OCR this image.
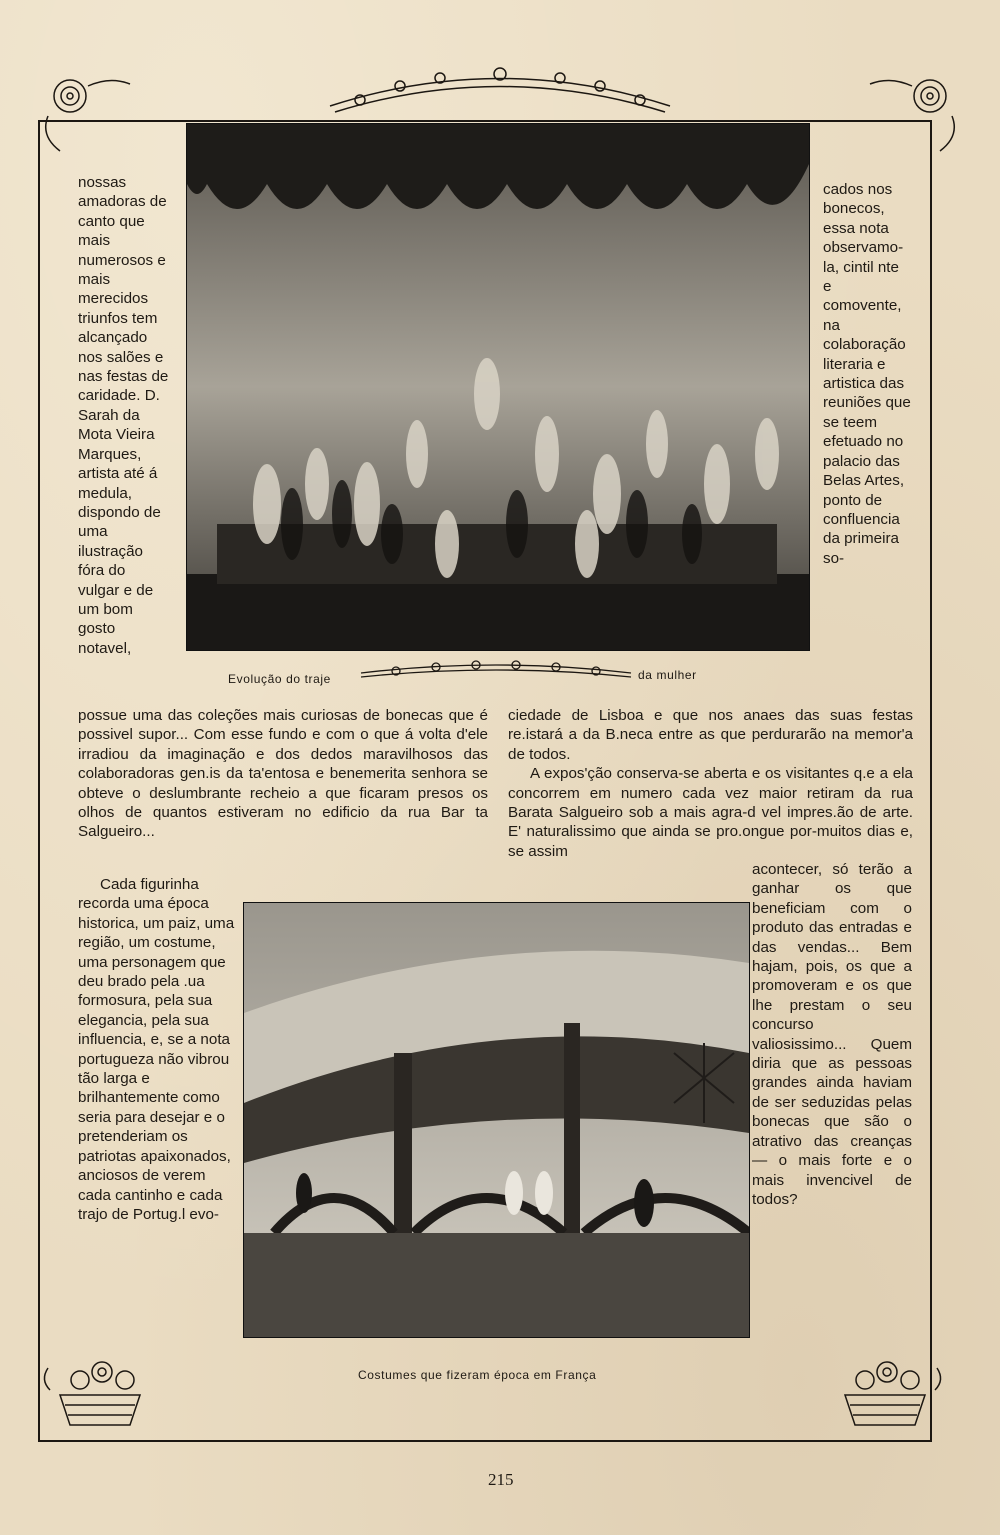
Evolução do traje	da mulher

nossas amadoras de canto que mais numerosos e mais merecidos triunfos tem alcançado nos salões e nas festas de caridade. D. Sarah da Mota Vieira Marques, artista até á medula, dispondo de uma ilustração fóra do vulgar e de um bom gosto notavel,

cados nos bonecos, essa nota observamo-la, cintil nte e comovente, na colaboração literaria e artistica das reuniões que se teem efetuado no palacio das Belas Artes, ponto de confluencia da primeira so-

possue uma das coleções mais curiosas de bonecas que é possivel supor... Com esse fundo e com o que á volta d'ele irradiou da imaginação e dos dedos maravilhosos das colaboradoras gen.is da ta'entosa e benemerita senhora se obteve o deslumbrante recheio a que ficaram presos os olhos de quantos estiveram no edificio da rua Bar ta Salgueiro...

ciedade de Lisboa e que nos anaes das suas festas re.istará a da B.neca entre as que perdurarão na memor'a de todos.

A expos'ção conserva-se aberta e os visitantes q.e a ela concorrem em numero cada vez maior retiram da rua Barata Salgueiro sob a mais agra-d vel impres.ão de arte. E' naturalissimo que ainda se pro.ongue por-muitos dias e, se assim

Cada figurinha recorda uma época historica, um paiz, uma região, um costume, uma personagem que deu brado pela .ua formosura, pela sua elegancia, pela sua influencia, e, se a nota portugueza não vibrou tão larga e brilhantemente como seria para desejar e o pretenderiam os patriotas apaixonados, anciosos de verem cada cantinho e cada trajo de Portug.l evo-

acontecer, só terão a ganhar os que beneficiam com o produto das entradas e das vendas... Bem hajam, pois, os que a promoveram e os que lhe prestam o seu concurso valiosissimo... Quem diria que as pessoas grandes ainda haviam de ser seduzidas pelas bonecas que são o atrativo das creanças — o mais forte e o mais invencivel de todos?

Costumes que fizeram época em França
215
